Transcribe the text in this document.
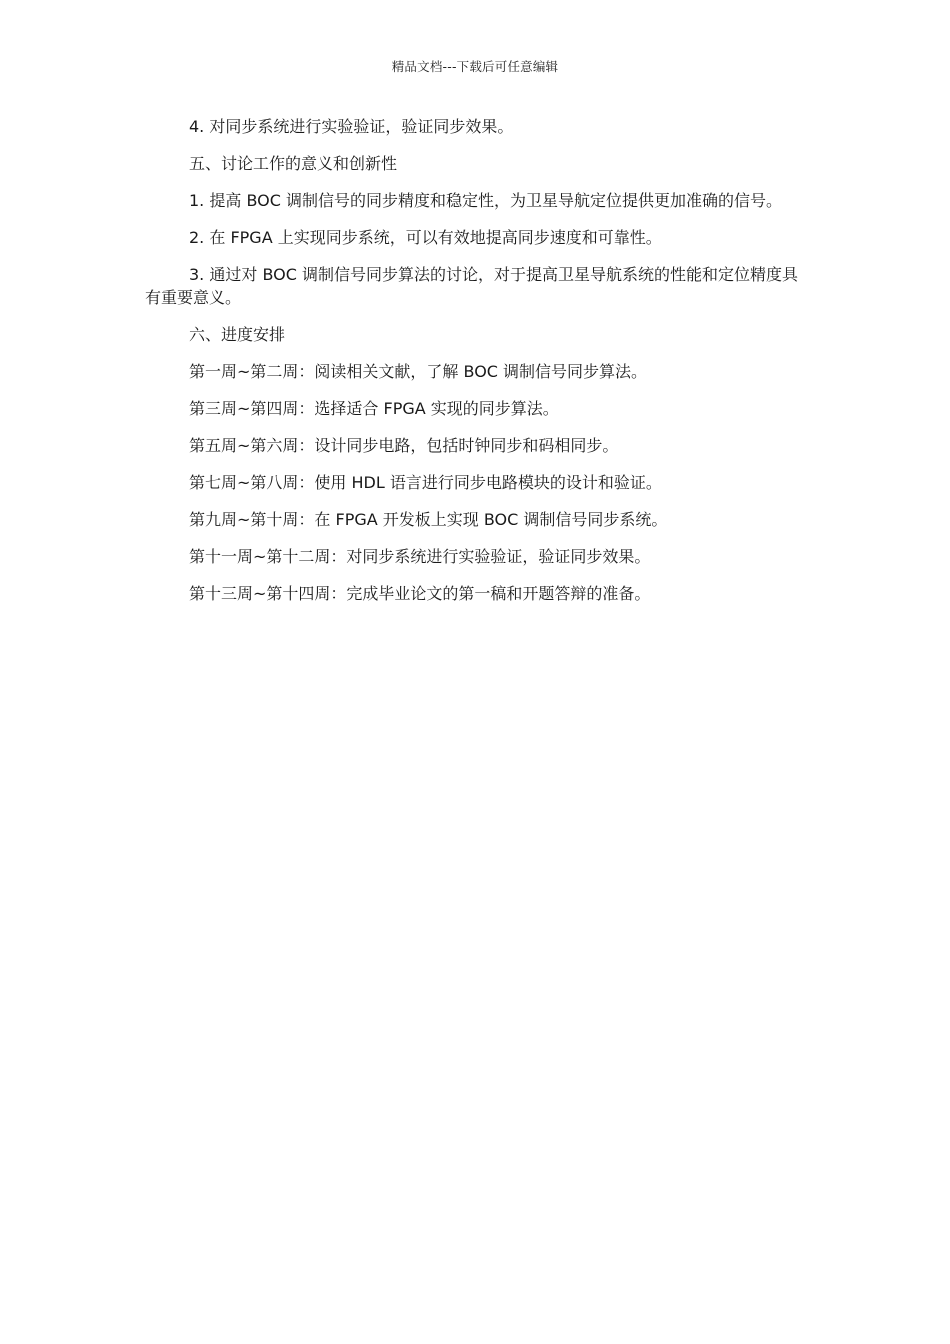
精品文档---下载后可任意编辑

4. 对同步系统进行实验验证，验证同步效果。

五、讨论工作的意义和创新性

1. 提高 BOC 调制信号的同步精度和稳定性，为卫星导航定位提供更加准确的信号。

2. 在 FPGA 上实现同步系统，可以有效地提高同步速度和可靠性。

3. 通过对 BOC 调制信号同步算法的讨论，对于提高卫星导航系统的性能和定位精度具有重要意义。

六、进度安排

第一周~第二周：阅读相关文献，了解 BOC 调制信号同步算法。

第三周~第四周：选择适合 FPGA 实现的同步算法。

第五周~第六周：设计同步电路，包括时钟同步和码相同步。

第七周~第八周：使用 HDL 语言进行同步电路模块的设计和验证。

第九周~第十周：在 FPGA 开发板上实现 BOC 调制信号同步系统。

第十一周~第十二周：对同步系统进行实验验证，验证同步效果。

第十三周~第十四周：完成毕业论文的第一稿和开题答辩的准备。
